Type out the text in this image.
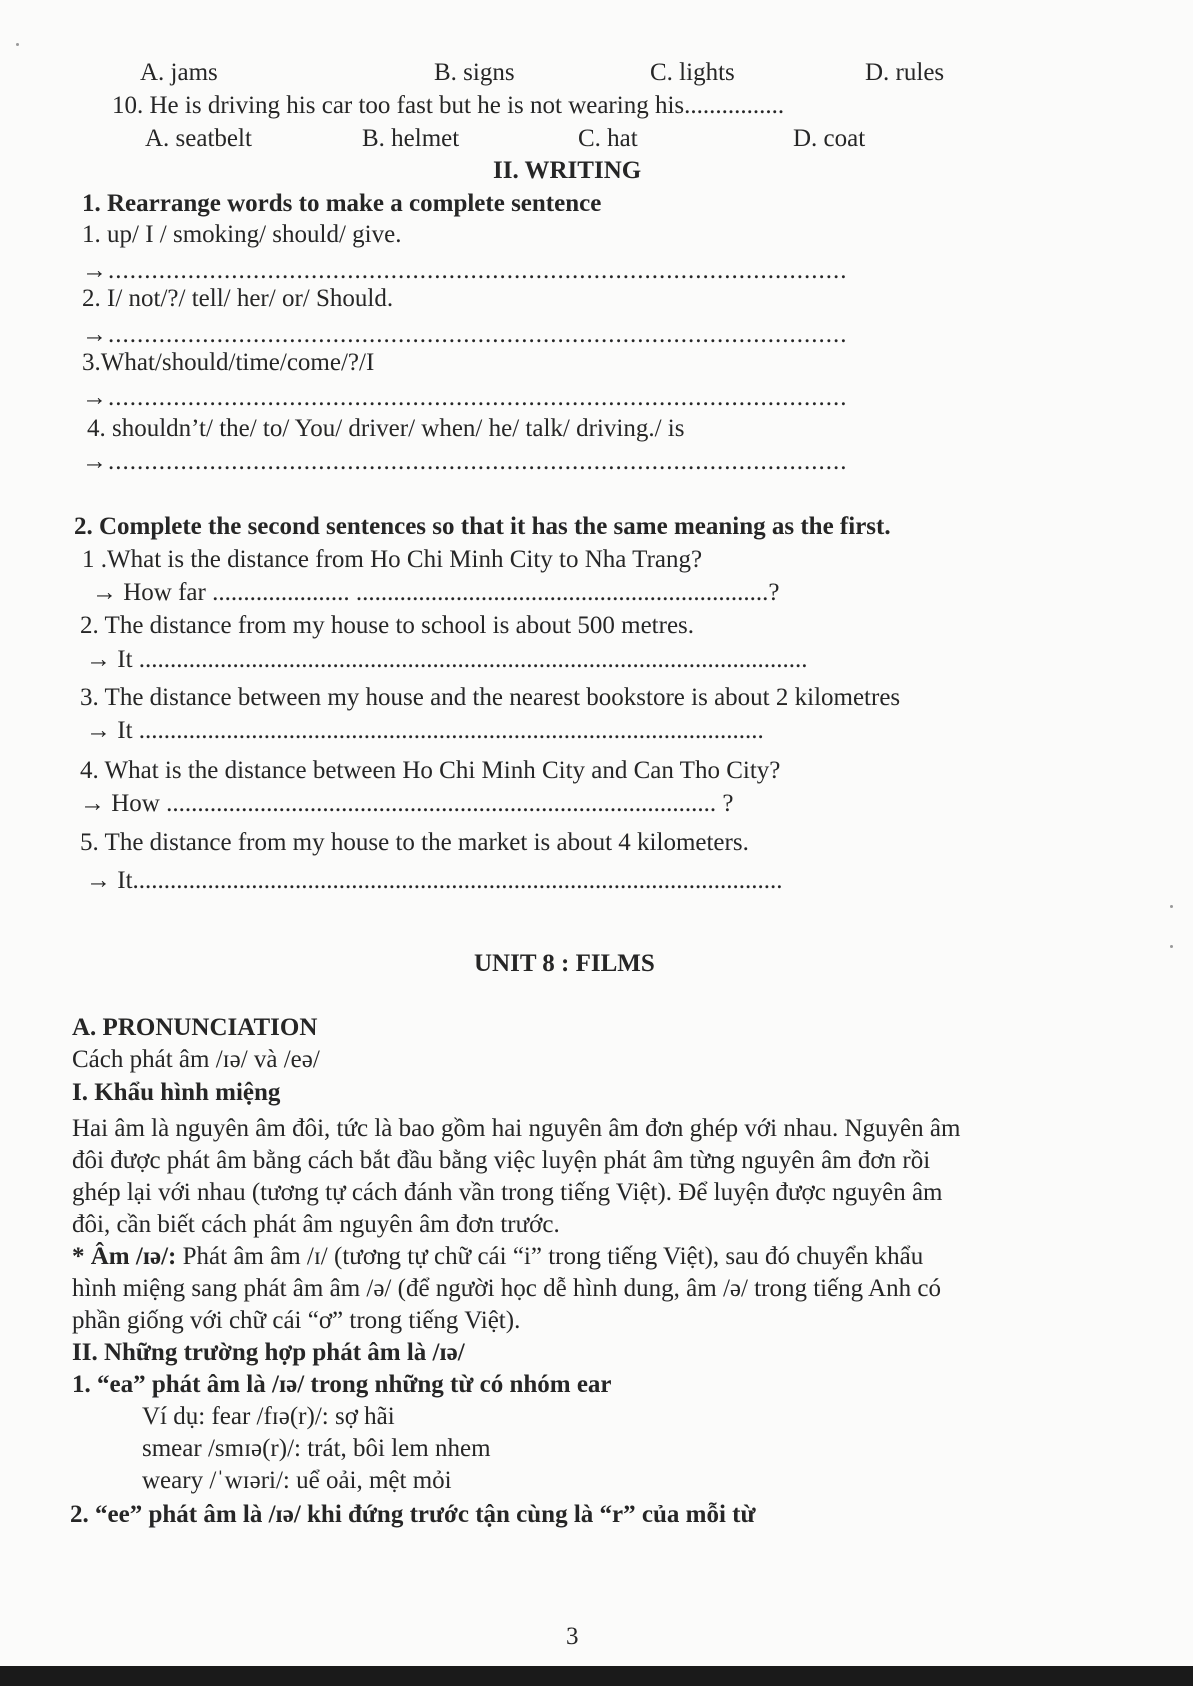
A. jams	B. signs	C. lights	D. rules
10. He is driving his car too fast but he is not wearing his................
A. seatbelt	B. helmet	C. hat	D. coat
II. WRITING
1. Rearrange words to make a complete sentence
1. up/ I / smoking/ should/ give.
→......................................................................................................
2. I/ not/?/ tell/ her/ or/ Should.
→......................................................................................................
3.What/should/time/come/?/I
→......................................................................................................
4. shouldn’t/ the/ to/ You/ driver/ when/ he/ talk/ driving./ is
→......................................................................................................
2. Complete the second sentences so that it has the same meaning as the first.
1 .What is the distance from Ho Chi Minh City to Nha Trang?
→ How far ...................... ..................................................................?
2. The distance from my house to school is about 500 metres.
→ It ...........................................................................................................
3. The distance between my house and the nearest bookstore is about 2 kilometres
→ It ....................................................................................................
4. What is the distance between Ho Chi Minh City and Can Tho City?
→ How ........................................................................................ ?
5. The distance from my house to the market is about 4 kilometers.
→ It........................................................................................................
UNIT 8 : FILMS
A. PRONUNCIATION
Cách phát âm /ɪə/ và /eə/
I. Khẩu hình miệng
Hai âm là nguyên âm đôi, tức là bao gồm hai nguyên âm đơn ghép với nhau. Nguyên âm
đôi được phát âm bằng cách bắt đầu bằng việc luyện phát âm từng nguyên âm đơn rồi
ghép lại với nhau (tương tự cách đánh vần trong tiếng Việt). Để luyện được nguyên âm
đôi, cần biết cách phát âm nguyên âm đơn trước.
* Âm /ɪə/: Phát âm âm /ɪ/ (tương tự chữ cái “i” trong tiếng Việt), sau đó chuyển khẩu
hình miệng sang phát âm âm /ə/ (để người học dễ hình dung, âm /ə/ trong tiếng Anh có
phần giống với chữ cái “ơ” trong tiếng Việt).
II. Những trường hợp phát âm là /ɪə/
1. “ea” phát âm là /ɪə/ trong những từ có nhóm ear
Ví dụ: fear /fɪə(r)/: sợ hãi
smear /smɪə(r)/: trát, bôi lem nhem
weary /ˈwɪəri/: uể oải, mệt mỏi
2. “ee” phát âm là /ɪə/ khi đứng trước tận cùng là “r” của mỗi từ
3
